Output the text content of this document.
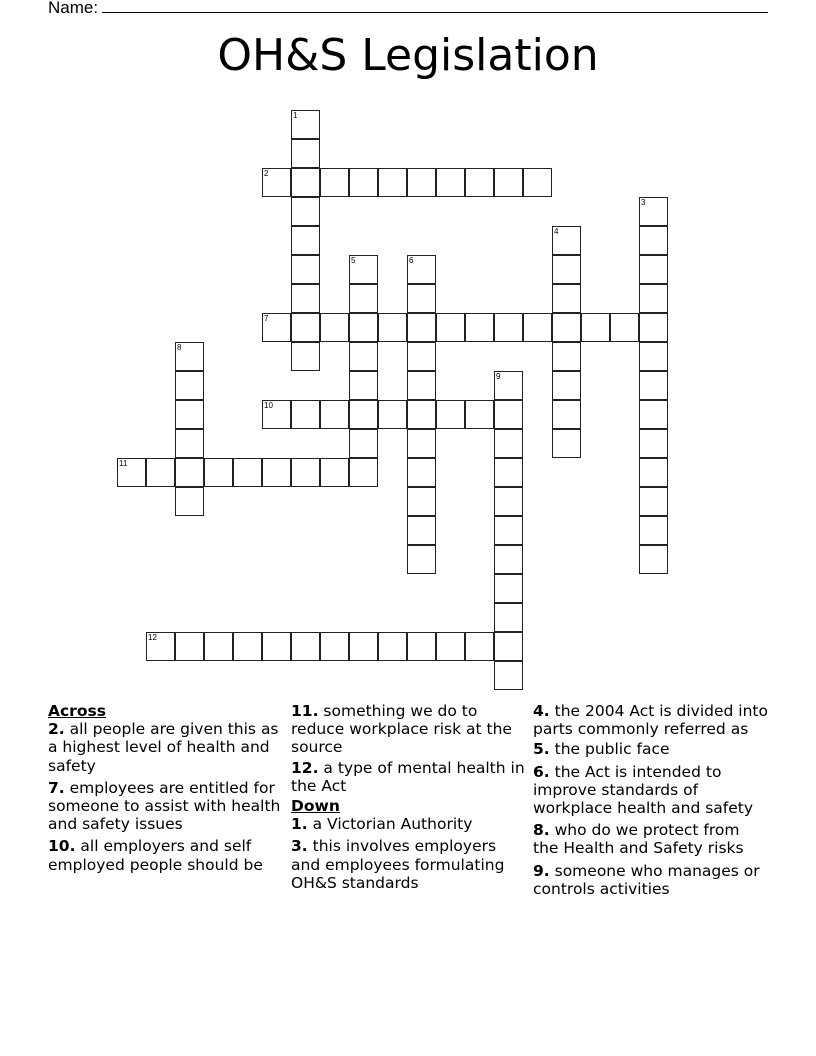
Name:
OH&S Legislation
1
2
3
4
5	6
7
8
9
10
11
12
Across
2. all people are given this as a highest level of health and safety
7. employees are entitled for someone to assist with health and safety issues
10. all employers and self employed people should be
11. something we do to reduce workplace risk at the source
12. a type of mental health in the Act
Down
1. a Victorian Authority
3. this involves employers and employees formulating OH&S standards
4. the 2004 Act is divided into parts commonly referred as
5. the public face
6. the Act is intended to improve standards of workplace health and safety
8. who do we protect from the Health and Safety risks
9. someone who manages or controls activities
